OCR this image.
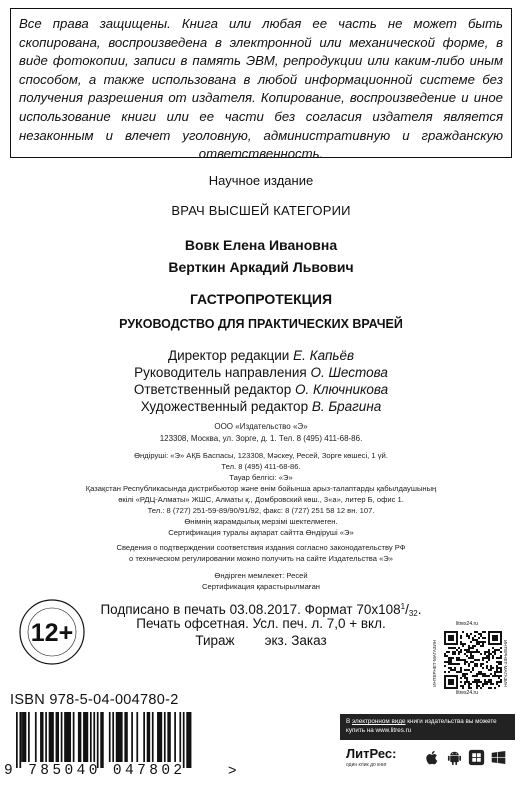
Все права защищены. Книга или любая ее часть не может быть скопирована, воспроизведена в электронной или механической форме, в виде фотокопии, записи в память ЭВМ, репродукции или каким-либо иным способом, а также использована в любой информационной системе без получения разрешения от издателя. Копирование, воспроизведение и иное использование книги или ее части без согласия издателя является незаконным и влечет уголовную, административную и гражданскую ответственность.

Научное издание
ВРАЧ ВЫСШЕЙ КАТЕГОРИИ
Вовк Елена Ивановна
Верткин Аркадий Львович
ГАСТРОПРОТЕКЦИЯ
РУКОВОДСТВО ДЛЯ ПРАКТИЧЕСКИХ ВРАЧЕЙ
Директор редакции Е. Капьёв
Руководитель направления О. Шестова
Ответственный редактор О. Ключникова
Художественный редактор В. Брагина
ООО «Издательство «Э»
123308, Москва, ул. Зорге, д. 1. Тел. 8 (495) 411-68-86.
Өндіруші: «Э» АҚБ Баспасы, 123308, Мәскеу, Ресей, Зорге көшесі, 1 үй.
Тел. 8 (495) 411-68-86.
Тауар белгісі: «Э»
Қазақстан Республикасында дистрибьютор және өнім бойынша арыз-талаптарды қабылдаушының
өкілі «РДЦ-Алматы» ЖШС, Алматы қ., Домбровский көш., 3«а», литер Б, офис 1.
Тел.: 8 (727) 251-59-89/90/91/92, факс: 8 (727) 251 58 12 вн. 107.
Өнімнің жарамдылық мерзімі шектелмеген.
Сертификация туралы ақпарат сайтта Өндіруші «Э»
Сведения о подтверждении соответствия издания согласно законодательству РФ
о техническом регулировании можно получить на сайте Издательства «Э»
Өндірген мемлекет: Ресей
Сертификация қарастырылмаған
Подписано в печать 03.08.2017. Формат $70x108^1/_{32}$.
Печать офсетная. Усл. печ. л. 7,0 + вкл.
Тираж        экз. Заказ
12+
ISBN 978-5-04-004780-2
9 785040 047802	>
litres24.ru
ИНТЕРНЕТ-МАГАЗИН	ИНТЕРНЕТ-МАГАЗИН
litres24.ru
В электронном виде книги издательства вы можете
купить на www.litres.ru
ЛитРес:
один клик до книг
